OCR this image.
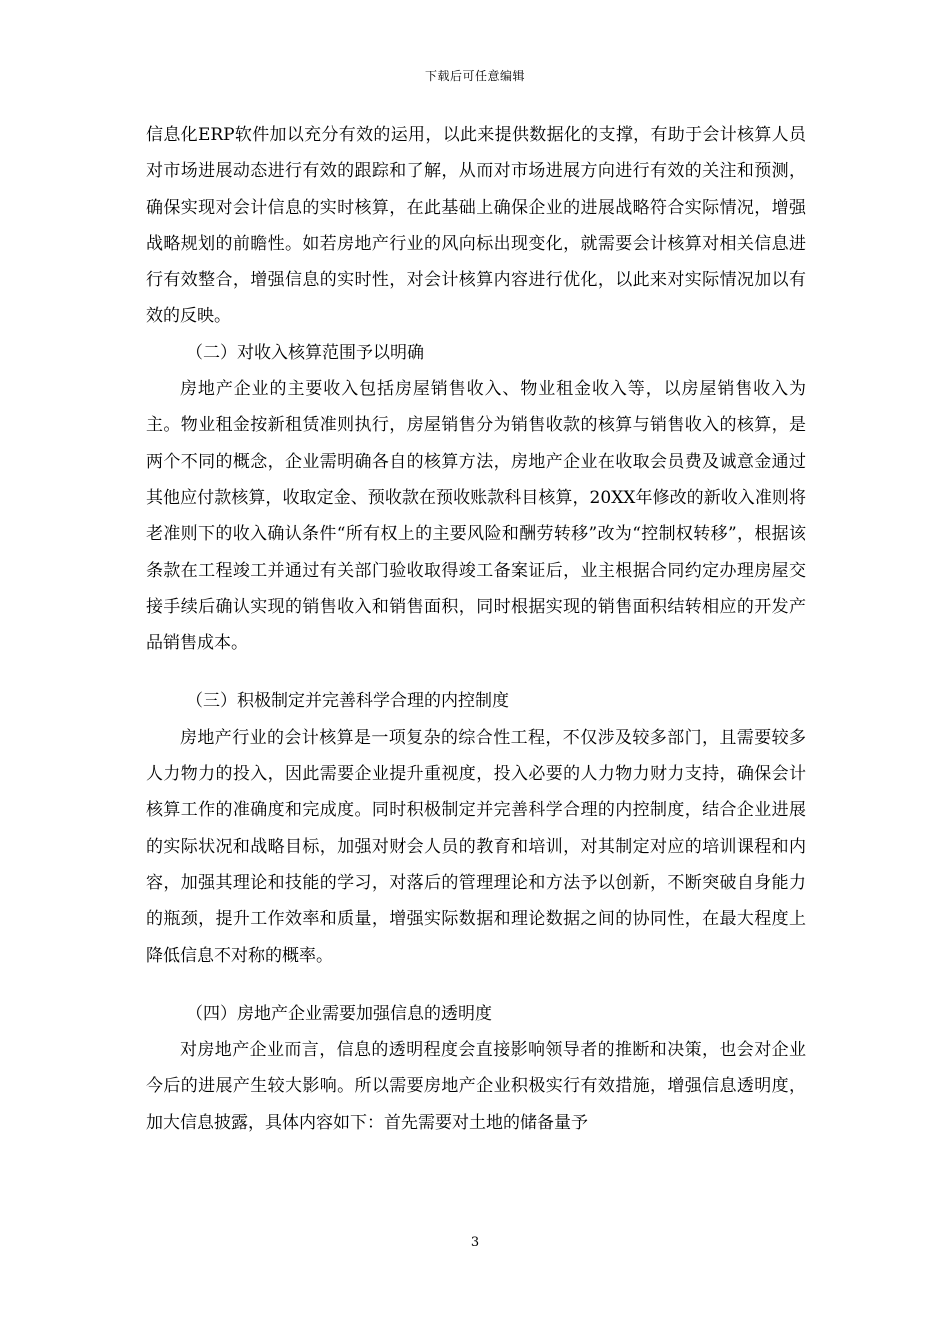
下载后可任意编辑

信息化ERP软件加以充分有效的运用，以此来提供数据化的支撑，有助于会计核算人员对市场进展动态进行有效的跟踪和了解，从而对市场进展方向进行有效的关注和预测，确保实现对会计信息的实时核算，在此基础上确保企业的进展战略符合实际情况，增强战略规划的前瞻性。如若房地产行业的风向标出现变化，就需要会计核算对相关信息进行有效整合，增强信息的实时性，对会计核算内容进行优化，以此来对实际情况加以有效的反映。

（二）对收入核算范围予以明确

房地产企业的主要收入包括房屋销售收入、物业租金收入等，以房屋销售收入为主。物业租金按新租赁准则执行，房屋销售分为销售收款的核算与销售收入的核算，是两个不同的概念，企业需明确各自的核算方法，房地产企业在收取会员费及诚意金通过其他应付款核算，收取定金、预收款在预收账款科目核算，20XX年修改的新收入准则将老准则下的收入确认条件“所有权上的主要风险和酬劳转移”改为“控制权转移”，根据该条款在工程竣工并通过有关部门验收取得竣工备案证后，业主根据合同约定办理房屋交接手续后确认实现的销售收入和销售面积，同时根据实现的销售面积结转相应的开发产品销售成本。

（三）积极制定并完善科学合理的内控制度

房地产行业的会计核算是一项复杂的综合性工程，不仅涉及较多部门，且需要较多人力物力的投入，因此需要企业提升重视度，投入必要的人力物力财力支持，确保会计核算工作的准确度和完成度。同时积极制定并完善科学合理的内控制度，结合企业进展的实际状况和战略目标，加强对财会人员的教育和培训，对其制定对应的培训课程和内容，加强其理论和技能的学习，对落后的管理理论和方法予以创新，不断突破自身能力的瓶颈，提升工作效率和质量，增强实际数据和理论数据之间的协同性，在最大程度上降低信息不对称的概率。

（四）房地产企业需要加强信息的透明度

对房地产企业而言，信息的透明程度会直接影响领导者的推断和决策，也会对企业今后的进展产生较大影响。所以需要房地产企业积极实行有效措施，增强信息透明度，加大信息披露，具体内容如下：首先需要对土地的储备量予

3
